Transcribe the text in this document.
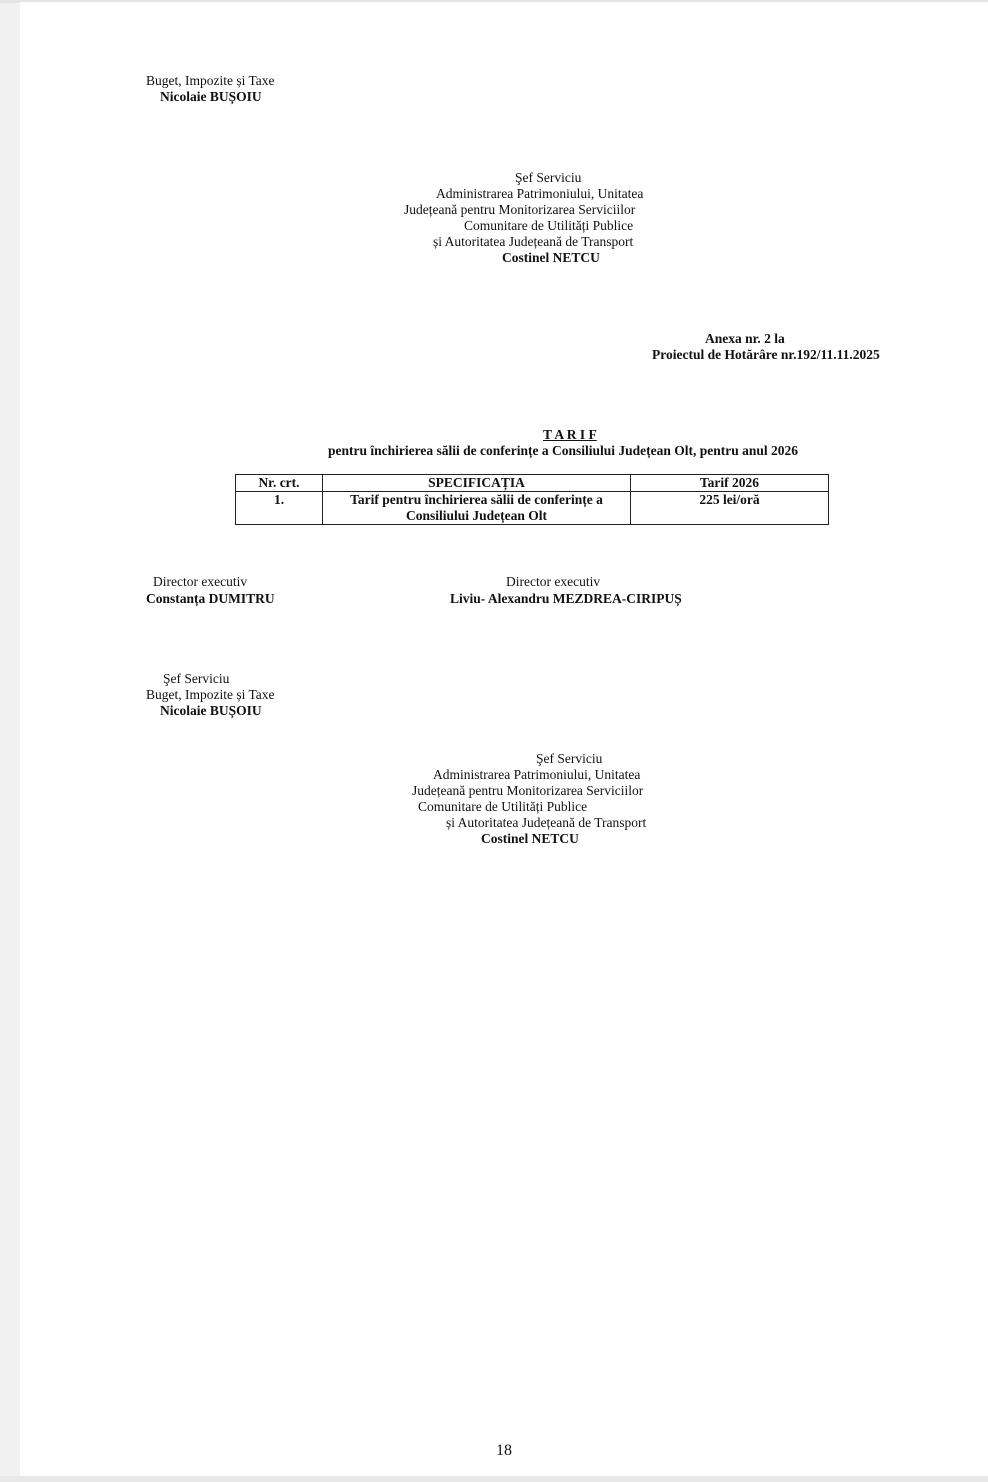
Buget, Impozite și Taxe
Nicolaie BUȘOIU
Şef Serviciu
Administrarea Patrimoniului, Unitatea
Județeană pentru Monitorizarea Serviciilor
Comunitare de Utilități Publice
și Autoritatea Județeană de Transport
Costinel NETCU
Anexa nr. 2 la
Proiectul de Hotărâre nr.192/11.11.2025
T A R I F
pentru închirierea sălii de conferințe a Consiliului Județean Olt, pentru anul 2026
Nr. crt.	SPECIFICAȚIA	Tarif 2026
1.	Tarif pentru închirierea sălii de conferințe a
Consiliului Județean Olt	225 lei/oră
Director executiv
Constanța DUMITRU
Director executiv
Liviu- Alexandru MEZDREA-CIRIPUȘ
Şef Serviciu
Buget, Impozite și Taxe
Nicolaie BUȘOIU
Şef Serviciu
Administrarea Patrimoniului, Unitatea
Județeană pentru Monitorizarea Serviciilor
Comunitare de Utilități Publice
și Autoritatea Județeană de Transport
Costinel NETCU
18
